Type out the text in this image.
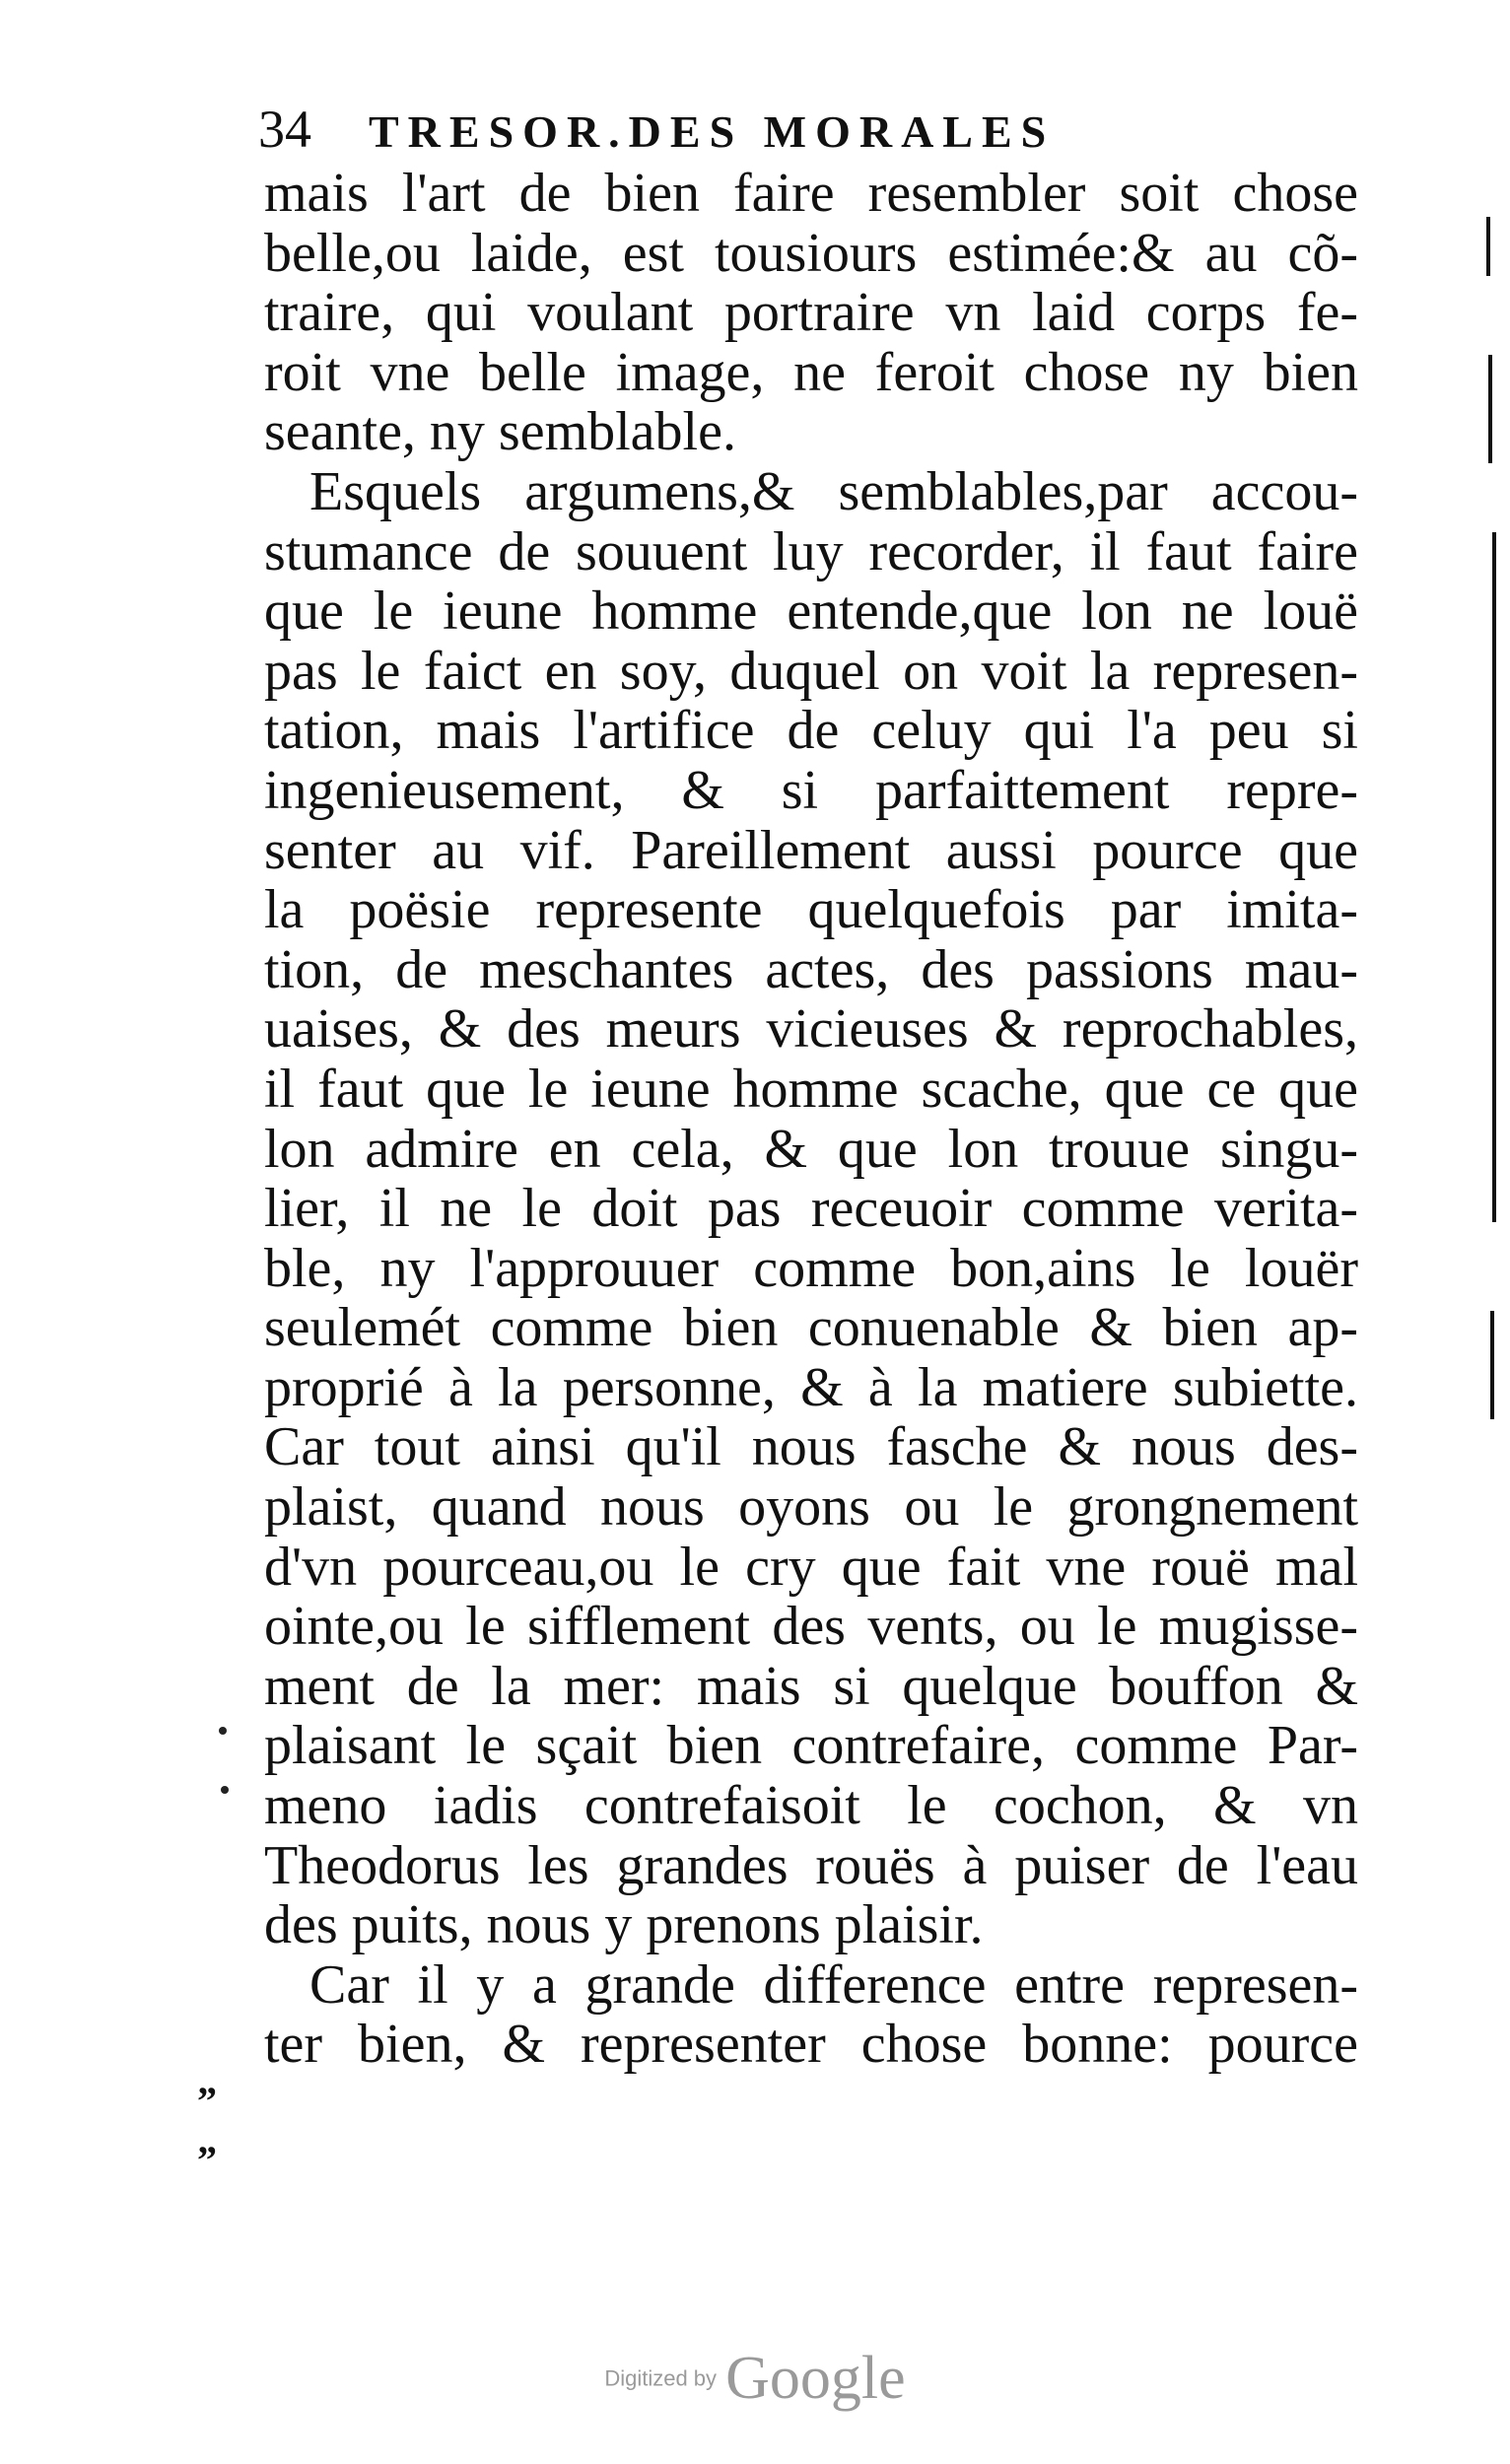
34 TRESOR.DES MORALES
mais l'art de bien faire resembler soit chose
belle,ou laide, est tousiours estimée:& au cõ-
traire, qui voulant portraire vn laid corps fe-
roit vne belle image, ne feroit chose ny bien
seante, ny semblable.
Esquels argumens,& semblables,par accou-
stumance de souuent luy recorder, il faut faire
que le ieune homme entende,que lon ne louë
pas le faict en soy, duquel on voit la represen-
tation, mais l'artifice de celuy qui l'a peu si
ingenieusement, & si parfaittement repre-
senter au vif. Pareillement aussi pource que
la poësie represente quelquefois par imita-
tion, de meschantes actes, des passions mau-
uaises, & des meurs vicieuses & reprochables,
il faut que le ieune homme scache, que ce que
lon admire en cela, & que lon trouue singu-
lier, il ne le doit pas receuoir comme verita-
ble, ny l'approuuer comme bon,ains le louër
seulemét comme bien conuenable & bien ap-
proprié à la personne, & à la matiere subiette.
Car tout ainsi qu'il nous fasche & nous des-
plaist, quand nous oyons ou le grongnement
d'vn pourceau,ou le cry que fait vne rouë mal
ointe,ou le sifflement des vents, ou le mugisse-
ment de la mer: mais si quelque bouffon &
plaisant le sçait bien contrefaire, comme Par-
meno iadis contrefaisoit le cochon, & vn
Theodorus les grandes rouës à puiser de l'eau
des puits, nous y prenons plaisir.
Car il y a grande difference entre represen-
ter bien, & representer chose bonne: pource
”
”
Digitized by Google
